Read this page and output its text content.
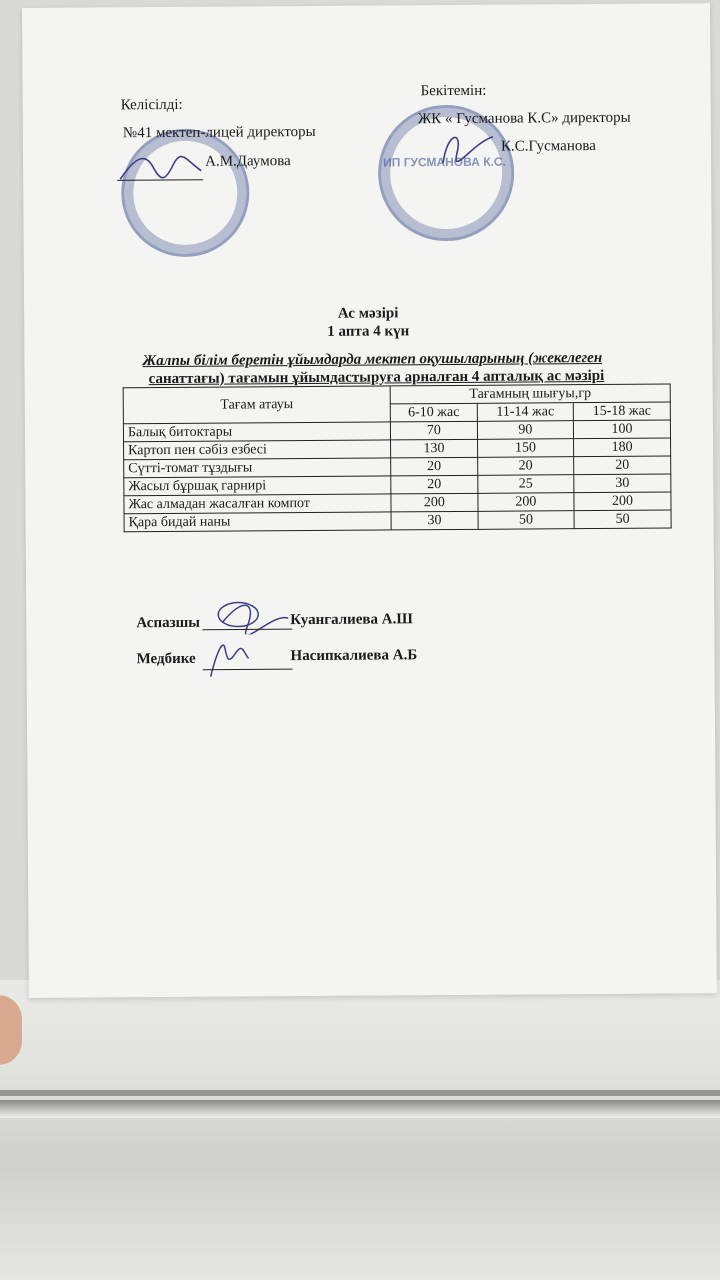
Келісілді:
№41 мектеп-лицей директоры
А.М.Даумова	ИП ГУСМАНОВА К.С.
Бекітемін:
ЖК « Гусманова К.С» директоры
К.С.Гусманова
Ас мәзірі
1 апта 4 күн
Жалпы білім беретін ұйымдарда мектеп оқушыларының (жекелеген
санаттағы) тағамын ұйымдастыруға арналған 4 апталық ас мәзірі
Тағам атауы	Тағамның шығуы,гр		
	6-10 жас	11-14 жас	15-18 жас
Балық битоктары	70	90	100
Картоп пен сәбіз езбесі	130	150	180
Сүтті-томат тұздығы	20	20	20
Жасыл бұршақ гарнирі	20	25	30
Жас алмадан жасалған компот	200	200	200
Қара бидай наны	30	50	50
Аспазшы	Куангалиева А.Ш
Медбике	Насипкалиева А.Б
